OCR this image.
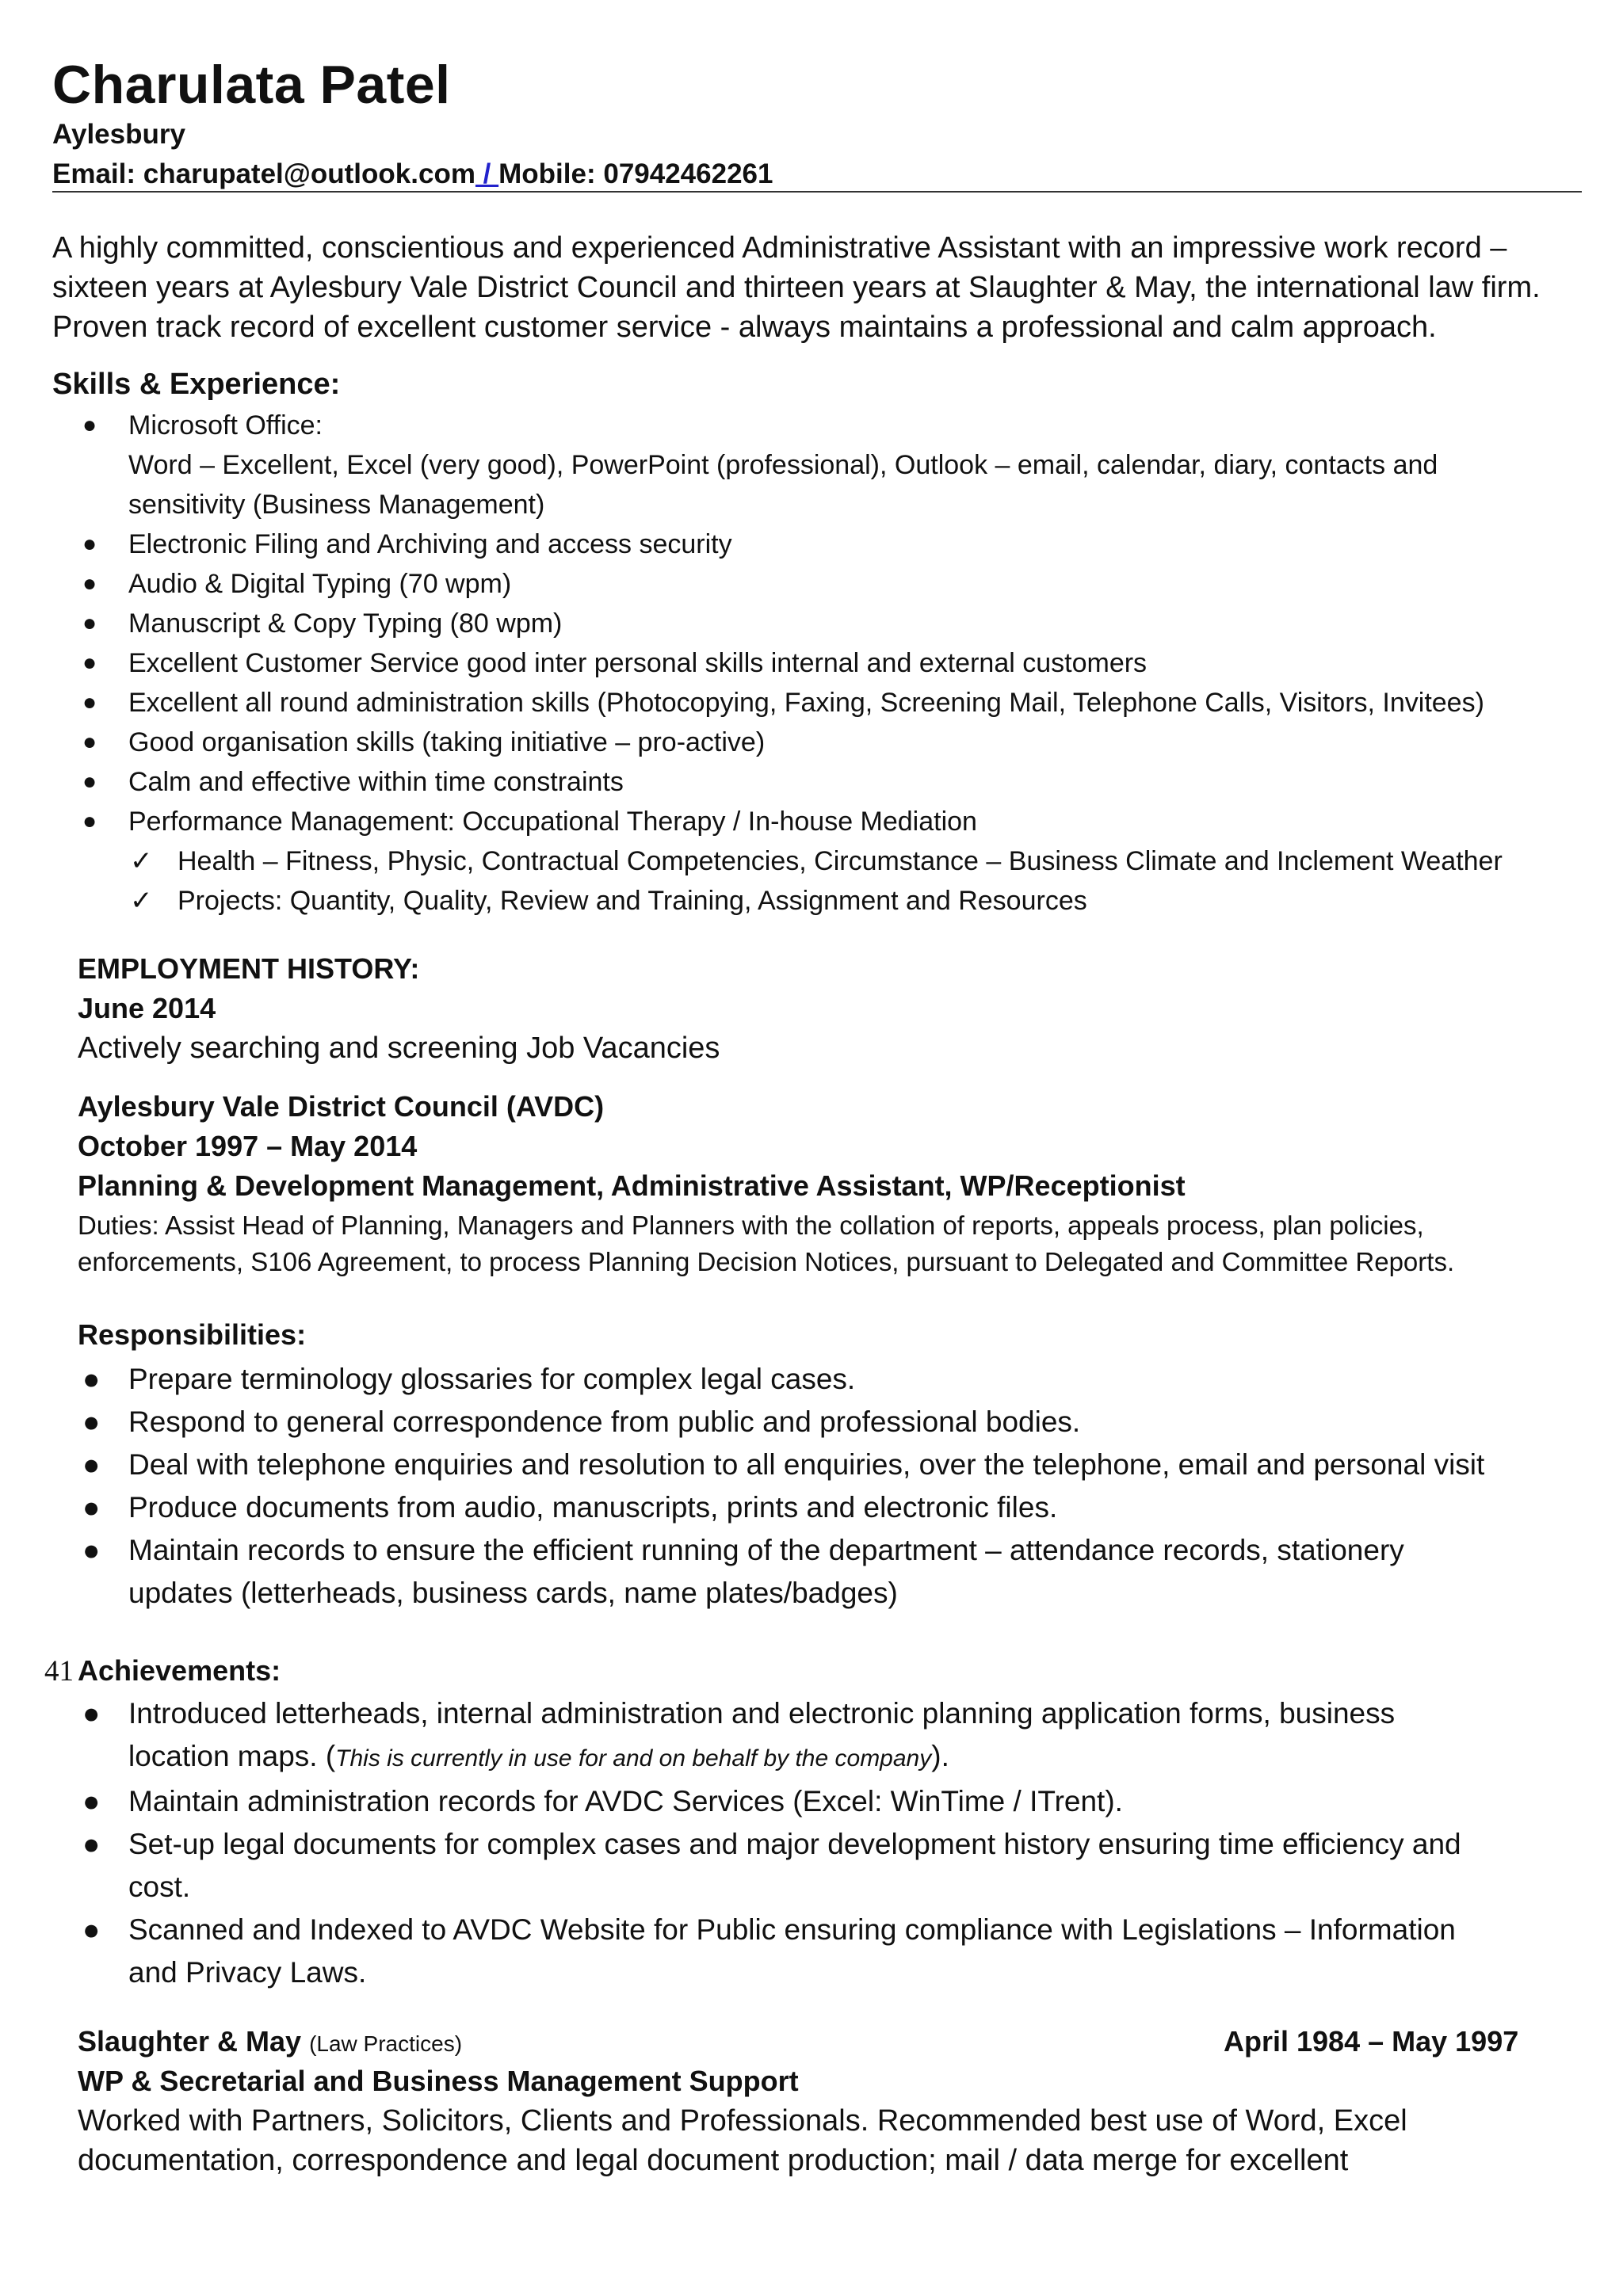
Charulata Patel
Aylesbury
Email: charupatel@outlook.com / Mobile: 07942462261

A highly committed, conscientious and experienced Administrative Assistant with an impressive work record –

sixteen years at Aylesbury Vale District Council and thirteen years at Slaughter & May, the international law firm.

Proven track record of excellent customer service - always maintains a professional and calm approach.

Skills & Experience:
● Microsoft Office:
Word – Excellent, Excel (very good), PowerPoint (professional), Outlook – email, calendar, diary, contacts and
sensitivity (Business Management)
● Electronic Filing and Archiving and access security
● Audio & Digital Typing (70 wpm)
● Manuscript & Copy Typing (80 wpm)
● Excellent Customer Service good inter personal skills internal and external customers
● Excellent all round administration skills (Photocopying, Faxing, Screening Mail, Telephone Calls, Visitors, Invitees)
● Good organisation skills (taking initiative – pro-active)
● Calm and effective within time constraints
● Performance Management: Occupational Therapy / In-house Mediation
✓ Health – Fitness, Physic, Contractual Competencies, Circumstance – Business Climate and Inclement Weather
✓ Projects: Quantity, Quality, Review and Training, Assignment and Resources
EMPLOYMENT HISTORY:
June 2014
Actively searching and screening Job Vacancies
Aylesbury Vale District Council (AVDC)
October 1997 – May 2014
Planning & Development Management, Administrative Assistant, WP/Receptionist
Duties: Assist Head of Planning, Managers and Planners with the collation of reports, appeals process, plan policies,
enforcements, S106 Agreement, to process Planning Decision Notices, pursuant to Delegated and Committee Reports.
Responsibilities:
● Prepare terminology glossaries for complex legal cases.
● Respond to general correspondence from public and professional bodies.
● Deal with telephone enquiries and resolution to all enquiries, over the telephone, email and personal visit
● Produce documents from audio, manuscripts, prints and electronic files.
● Maintain records to ensure the efficient running of the department – attendance records, stationery
updates (letterheads, business cards, name plates/badges)
41 Achievements:
● Introduced letterheads, internal administration and electronic planning application forms, business
location maps. (This is currently in use for and on behalf by the company).
● Maintain administration records for AVDC Services (Excel: WinTime / ITrent).
● Set-up legal documents for complex cases and major development history ensuring time efficiency and
cost.
● Scanned and Indexed to AVDC Website for Public ensuring compliance with Legislations – Information
and Privacy Laws.
Slaughter & May (Law Practices)	April 1984 – May 1997
WP & Secretarial and Business Management Support
Worked with Partners, Solicitors, Clients and Professionals. Recommended best use of Word, Excel
documentation, correspondence and legal document production; mail / data merge for excellent
